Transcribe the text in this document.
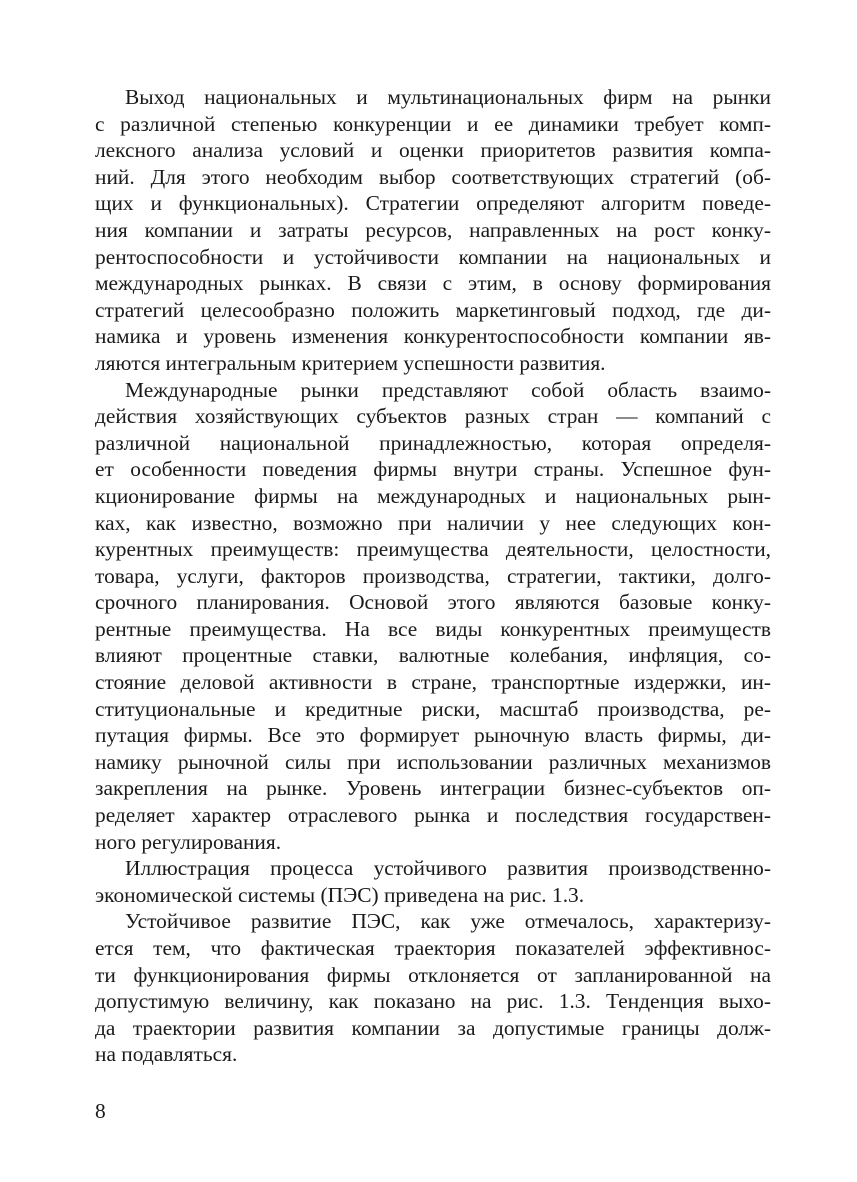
Выход национальных и мультинациональных фирм на рынки
с различной степенью конкуренции и ее динамики требует комп-
лексного анализа условий и оценки приоритетов развития компа-
ний. Для этого необходим выбор соответствующих стратегий (об-
щих и функциональных). Стратегии определяют алгоритм поведе-
ния компании и затраты ресурсов, направленных на рост конку-
рентоспособности и устойчивости компании на национальных и
международных рынках. В связи с этим, в основу формирования
стратегий целесообразно положить маркетинговый подход, где ди-
намика и уровень изменения конкурентоспособности компании яв-
ляются интегральным критерием успешности развития.
Международные рынки представляют собой область взаимо-
действия хозяйствующих субъектов разных стран — компаний с
различной национальной принадлежностью, которая определя-
ет особенности поведения фирмы внутри страны. Успешное фун-
кционирование фирмы на международных и национальных рын-
ках, как известно, возможно при наличии у нее следующих кон-
курентных преимуществ: преимущества деятельности, целостности,
товара, услуги, факторов производства, стратегии, тактики, долго-
срочного планирования. Основой этого являются базовые конку-
рентные преимущества. На все виды конкурентных преимуществ
влияют процентные ставки, валютные колебания, инфляция, со-
стояние деловой активности в стране, транспортные издержки, ин-
ституциональные и кредитные риски, масштаб производства, ре-
путация фирмы. Все это формирует рыночную власть фирмы, ди-
намику рыночной силы при использовании различных механизмов
закрепления на рынке. Уровень интеграции бизнес-субъектов оп-
ределяет характер отраслевого рынка и последствия государствен-
ного регулирования.
Иллюстрация процесса устойчивого развития производственно-
экономической системы (ПЭС) приведена на рис. 1.3.
Устойчивое развитие ПЭС, как уже отмечалось, характеризу-
ется тем, что фактическая траектория показателей эффективнос-
ти функционирования фирмы отклоняется от запланированной на
допустимую величину, как показано на рис. 1.3. Тенденция выхо-
да траектории развития компании за допустимые границы долж-
на подавляться.
8
